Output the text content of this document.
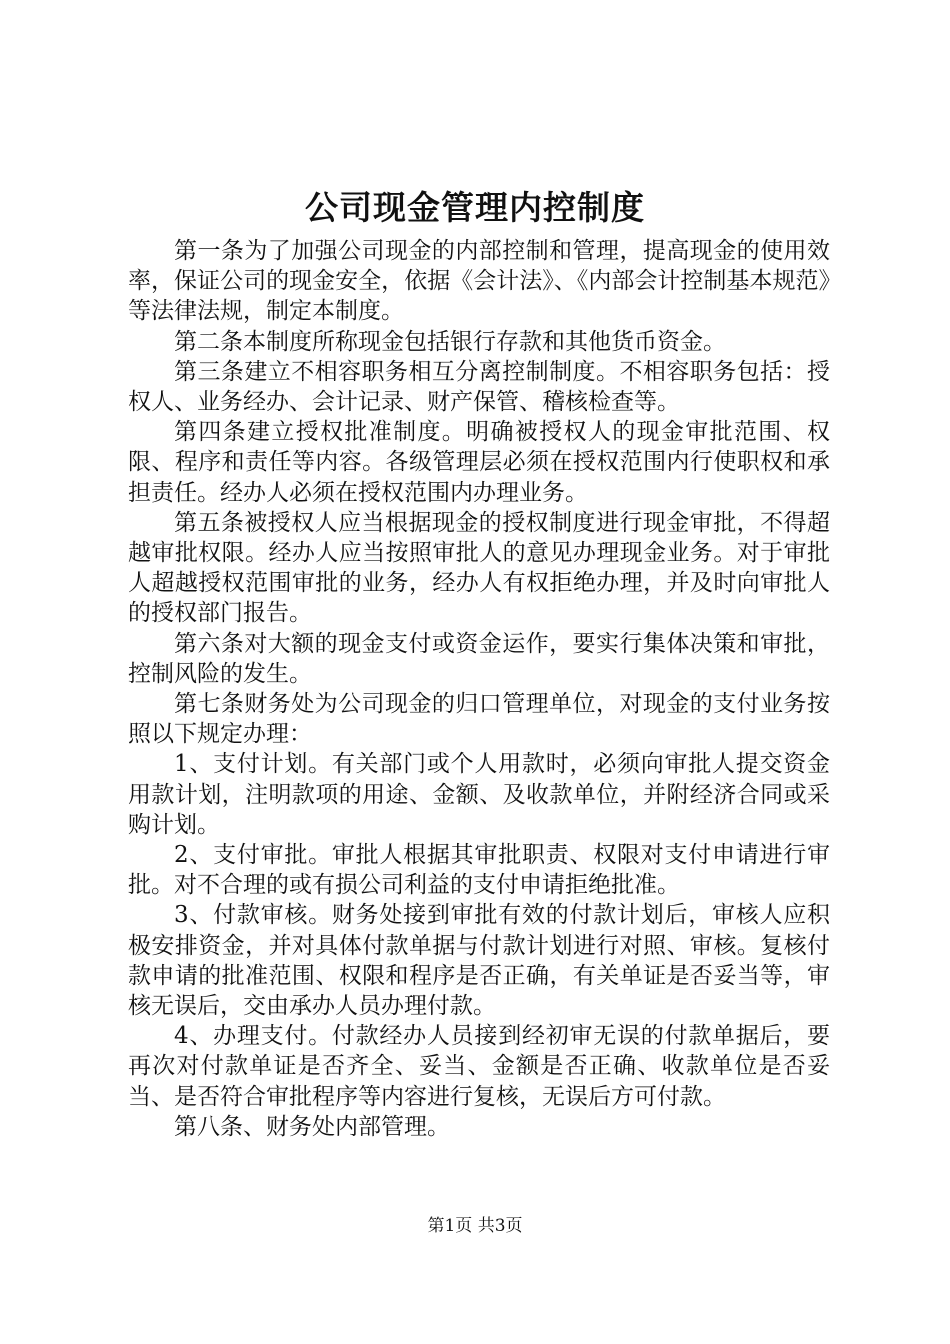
公司现金管理内控制度

第一条为了加强公司现金的内部控制和管理，提高现金的使用效率，保证公司的现金安全，依据《会计法》、《内部会计控制基本规范》等法律法规，制定本制度。

第二条本制度所称现金包括银行存款和其他货币资金。

第三条建立不相容职务相互分离控制制度。不相容职务包括：授权人、业务经办、会计记录、财产保管、稽核检查等。

第四条建立授权批准制度。明确被授权人的现金审批范围、权限、程序和责任等内容。各级管理层必须在授权范围内行使职权和承担责任。经办人必须在授权范围内办理业务。

第五条被授权人应当根据现金的授权制度进行现金审批，不得超越审批权限。经办人应当按照审批人的意见办理现金业务。对于审批人超越授权范围审批的业务，经办人有权拒绝办理，并及时向审批人的授权部门报告。

第六条对大额的现金支付或资金运作，要实行集体决策和审批，控制风险的发生。

第七条财务处为公司现金的归口管理单位，对现金的支付业务按照以下规定办理：

1、支付计划。有关部门或个人用款时，必须向审批人提交资金用款计划，注明款项的用途、金额、及收款单位，并附经济合同或采购计划。

2、支付审批。审批人根据其审批职责、权限对支付申请进行审批。对不合理的或有损公司利益的支付申请拒绝批准。

3、付款审核。财务处接到审批有效的付款计划后，审核人应积极安排资金，并对具体付款单据与付款计划进行对照、审核。复核付款申请的批准范围、权限和程序是否正确，有关单证是否妥当等，审核无误后，交由承办人员办理付款。

4、办理支付。付款经办人员接到经初审无误的付款单据后，要再次对付款单证是否齐全、妥当、金额是否正确、收款单位是否妥当、是否符合审批程序等内容进行复核，无误后方可付款。

第八条、财务处内部管理。

第1页 共3页
